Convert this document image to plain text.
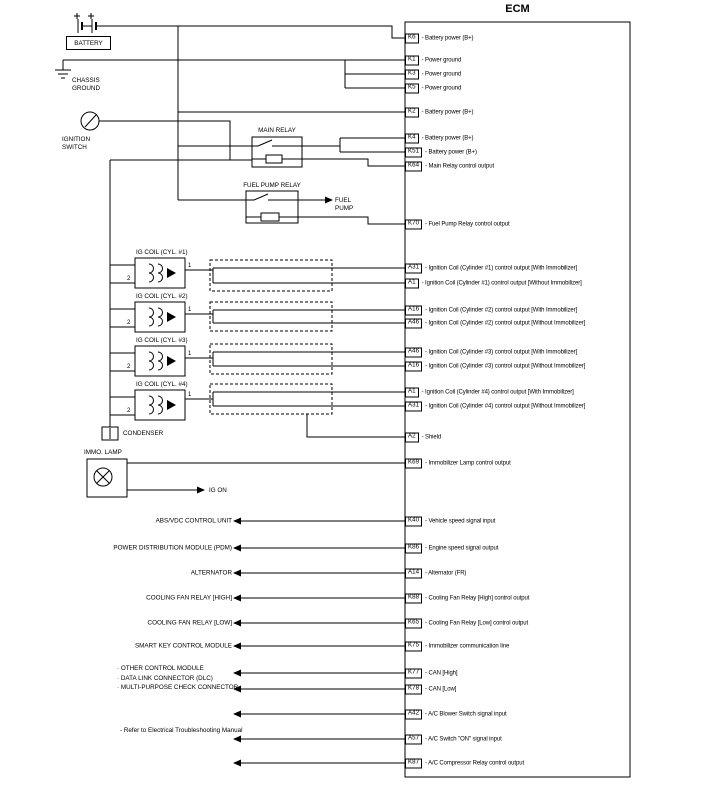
ECM
BATTERY
CHASSIS
GROUND
IGNITION
SWITCH
MAIN RELAY
FUEL PUMP RELAY
FUEL
PUMP
IG COIL (CYL. #1)
IG COIL (CYL. #2)
IG COIL (CYL. #3)
IG COIL (CYL. #4)
2
1
2
1
2
1
2
1
CONDENSER
IMMO. LAMP
IG ON
ABS/VDC CONTROL UNIT
POWER DISTRIBUTION MODULE (PDM)
ALTERNATOR
COOLING FAN RELAY [HIGH]
COOLING FAN RELAY [LOW]
SMART KEY CONTROL MODULE
· OTHER CONTROL MODULE
· DATA LINK CONNECTOR (DLC)
· MULTI-PURPOSE CHECK CONNECTOR
- Refer to Electrical Troubleshooting Manual
K6	- Battery power (B+)
K1	- Power ground
K3	- Power ground
K5	- Power ground
K2	- Battery power (B+)
K4	- Battery power (B+)
K51	- Battery power (B+)
K64	- Main Relay control output
K70	- Fuel Pump Relay control output
A31	- Ignition Coil (Cylinder #1) control output [With Immobilizer]
A1	- Ignition Coil (Cylinder #1) control output [Without Immobilizer]
A16	- Ignition Coil (Cylinder #2) control output [With Immobilizer]
A46	- Ignition Coil (Cylinder #2) control output [Without Immobilizer]
A46	- Ignition Coil (Cylinder #3) control output [With Immobilizer]
A16	- Ignition Coil (Cylinder #3) control output [Without Immobilizer]
A1	- Ignition Coil (Cylinder #4) control output [With Immobilizer]
A31	- Ignition Coil (Cylinder #4) control output [Without Immobilizer]
A2	- Shield
K69	- Immobilizer Lamp control output
K40	- Vehicle speed signal input
K86	- Engine speed signal output
A14	- Alternator (FR)
K88	- Cooling Fan Relay [High] control output
K65	- Cooling Fan Relay [Low] control output
K75	- Immobilizer communication line
K77	- CAN [High]
K78	- CAN [Low]
A42	- A/C Blower Switch signal input
A57	- A/C Switch "ON" signal input
K87	- A/C Compressor Relay control output
